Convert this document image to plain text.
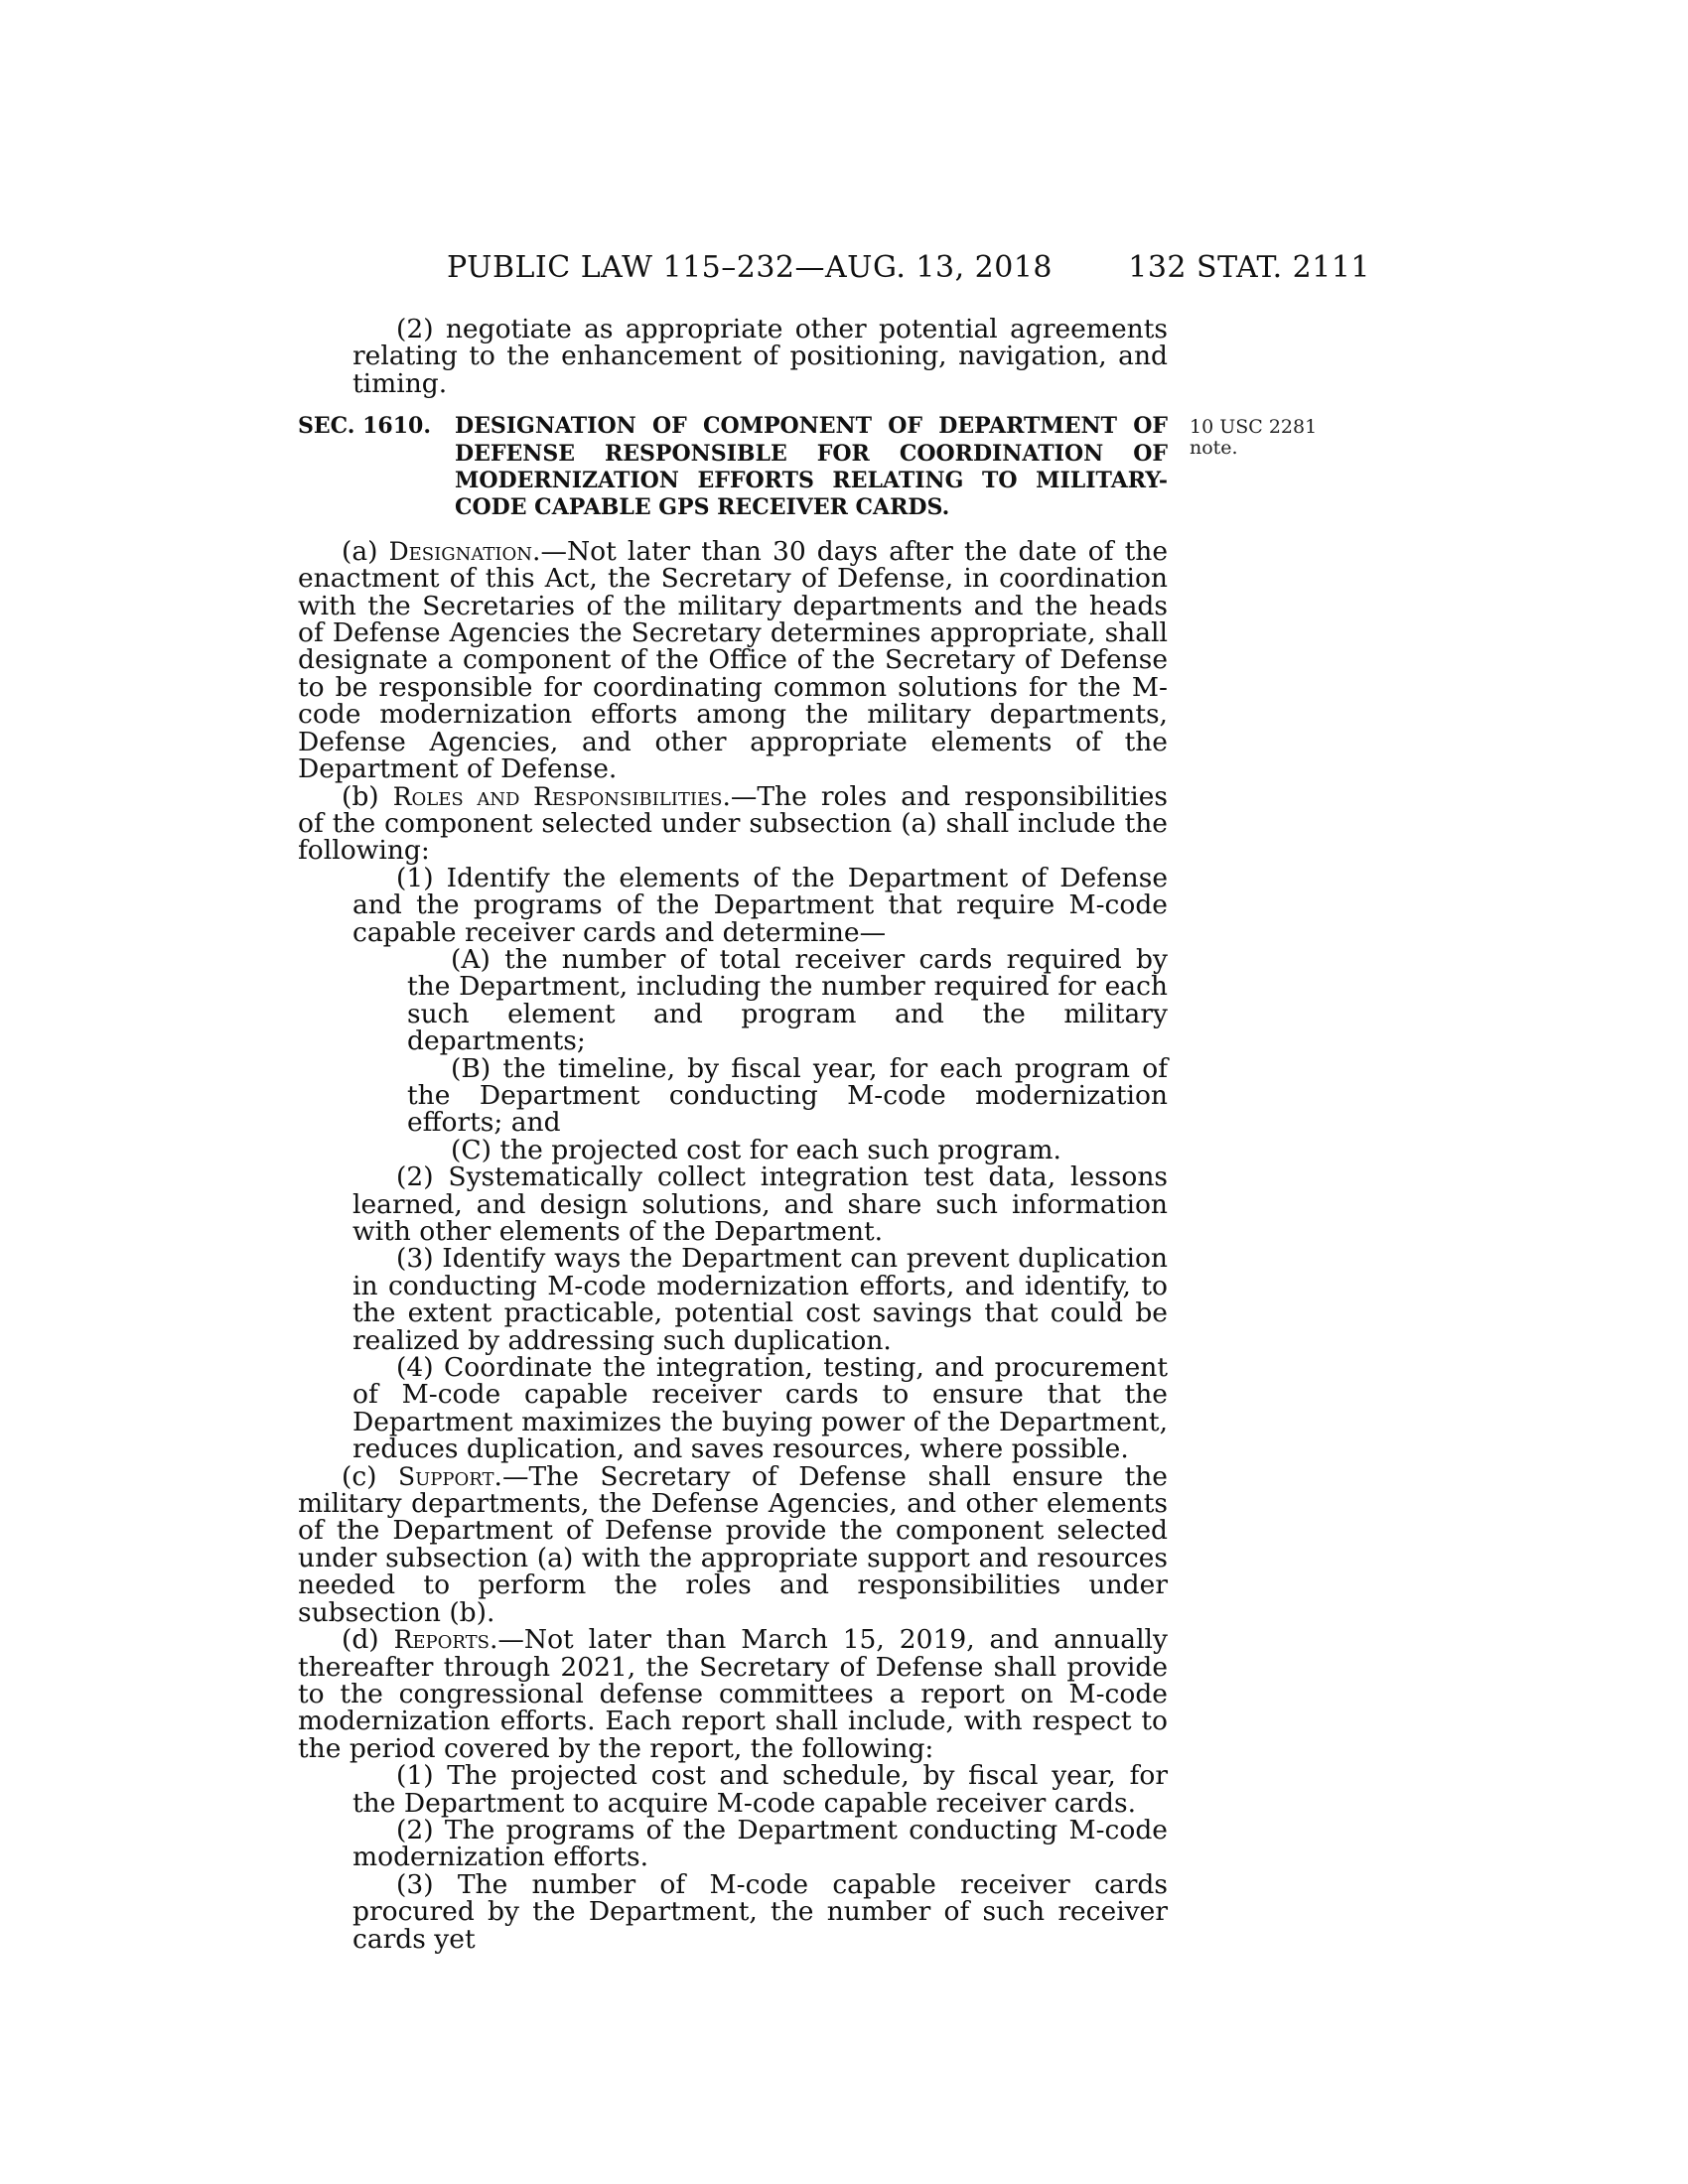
PUBLIC LAW 115–232—AUG. 13, 2018	132 STAT. 2111
10 USC 2281
note.

(2) negotiate as appropriate other potential agreements relating to the enhancement of positioning, navigation, and timing.

SEC. 1610. DESIGNATION OF COMPONENT OF DEPARTMENT OF DEFENSE RESPONSIBLE FOR COORDINATION OF MODERNIZATION EFFORTS RELATING TO MILITARY-CODE CAPABLE GPS RECEIVER CARDS.

(a) Designation.—Not later than 30 days after the date of the enactment of this Act, the Secretary of Defense, in coordination with the Secretaries of the military departments and the heads of Defense Agencies the Secretary determines appropriate, shall designate a component of the Office of the Secretary of Defense to be responsible for coordinating common solutions for the M-code modernization efforts among the military departments, Defense Agencies, and other appropriate elements of the Department of Defense.

(b) Roles and Responsibilities.—The roles and responsibilities of the component selected under subsection (a) shall include the following:

(1) Identify the elements of the Department of Defense and the programs of the Department that require M-code capable receiver cards and determine—

(A) the number of total receiver cards required by the Department, including the number required for each such element and program and the military departments;

(B) the timeline, by fiscal year, for each program of the Department conducting M-code modernization efforts; and

(C) the projected cost for each such program.

(2) Systematically collect integration test data, lessons learned, and design solutions, and share such information with other elements of the Department.

(3) Identify ways the Department can prevent duplication in conducting M-code modernization efforts, and identify, to the extent practicable, potential cost savings that could be realized by addressing such duplication.

(4) Coordinate the integration, testing, and procurement of M-code capable receiver cards to ensure that the Department maximizes the buying power of the Department, reduces duplication, and saves resources, where possible.

(c) Support.—The Secretary of Defense shall ensure the military departments, the Defense Agencies, and other elements of the Department of Defense provide the component selected under subsection (a) with the appropriate support and resources needed to perform the roles and responsibilities under subsection (b).

(d) Reports.—Not later than March 15, 2019, and annually thereafter through 2021, the Secretary of Defense shall provide to the congressional defense committees a report on M-code modernization efforts. Each report shall include, with respect to the period covered by the report, the following:

(1) The projected cost and schedule, by fiscal year, for the Department to acquire M-code capable receiver cards.

(2) The programs of the Department conducting M-code modernization efforts.

(3) The number of M-code capable receiver cards procured by the Department, the number of such receiver cards yet
